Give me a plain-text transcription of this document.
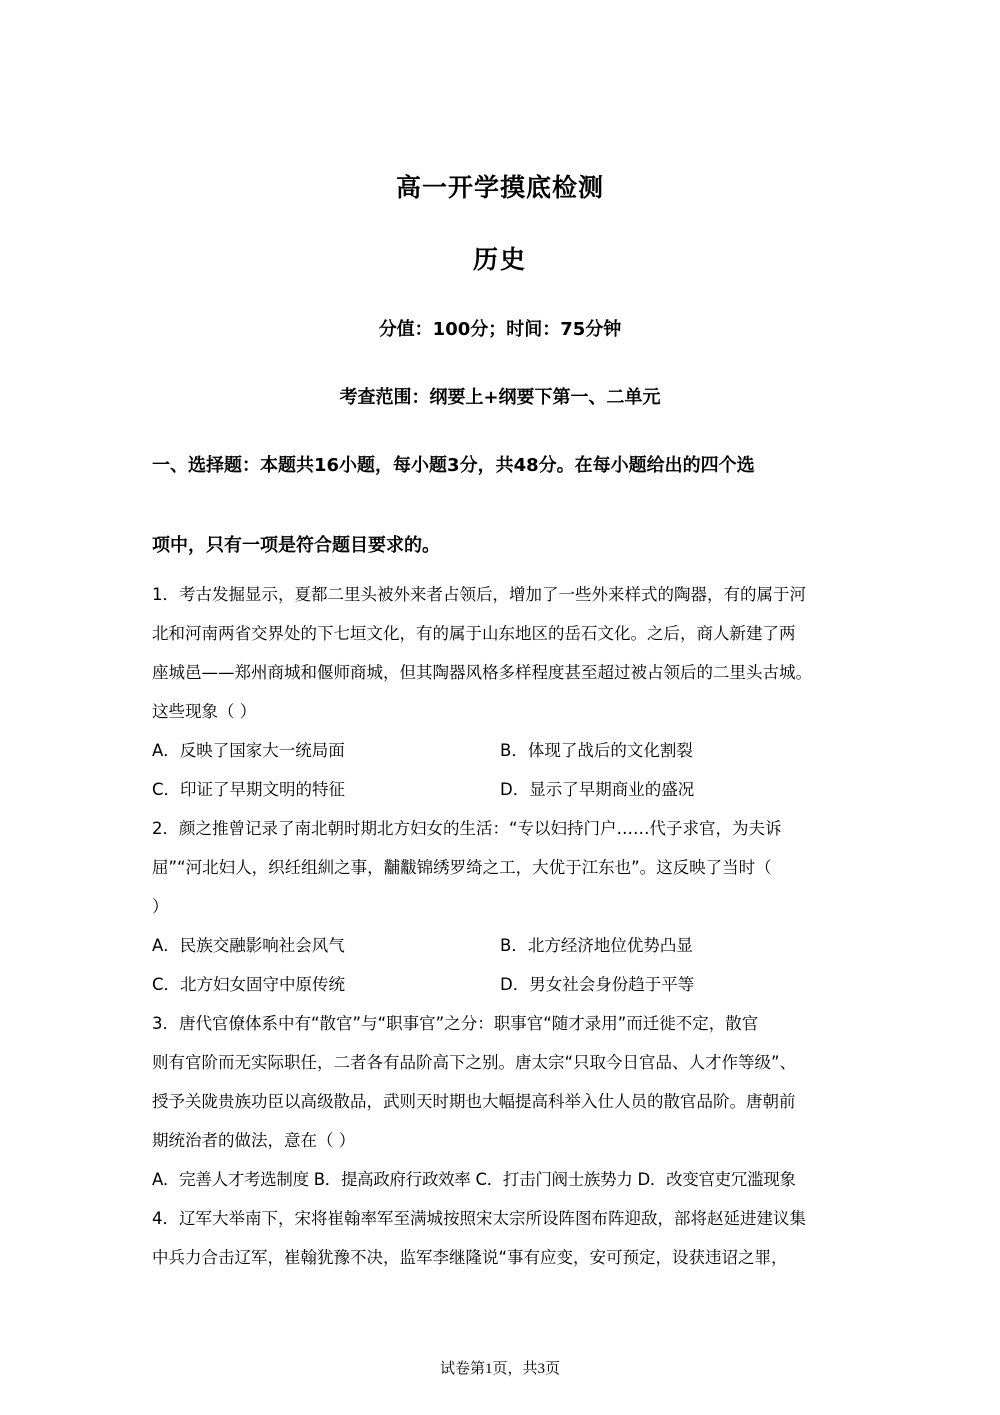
高一开学摸底检测
历史
分值：100分；时间：75分钟
考查范围：纲要上+纲要下第一、二单元
一、选择题：本题共16小题，每小题3分，共48分。在每小题给出的四个选
项中，只有一项是符合题目要求的。
1．考古发掘显示，夏都二里头被外来者占领后，增加了一些外来样式的陶器，有的属于河
北和河南两省交界处的下七垣文化，有的属于山东地区的岳石文化。之后，商人新建了两
座城邑——郑州商城和偃师商城，但其陶器风格多样程度甚至超过被占领后的二里头古城。
这些现象（ ）
A．反映了国家大一统局面	B．体现了战后的文化割裂
C．印证了早期文明的特征	D．显示了早期商业的盛况
2．颜之推曾记录了南北朝时期北方妇女的生活：“专以妇持门户……代子求官，为夫诉
屈”“河北妇人，织纴组紃之事，黼黻锦绣罗绮之工，大优于江东也”。这反映了当时（
）
A．民族交融影响社会风气	B．北方经济地位优势凸显
C．北方妇女固守中原传统	D．男女社会身份趋于平等
3．唐代官僚体系中有“散官”与“职事官”之分：职事官“随才录用”而迁徙不定，散官
则有官阶而无实际职任，二者各有品阶高下之别。唐太宗“只取今日官品、人才作等级”、
授予关陇贵族功臣以高级散品，武则天时期也大幅提高科举入仕人员的散官品阶。唐朝前
期统治者的做法，意在（ ）
A．完善人才考选制度 B．提高政府行政效率 C．打击门阀士族势力 D．改变官吏冗滥现象
4．辽军大举南下，宋将崔翰率军至满城按照宋太宗所设阵图布阵迎敌，部将赵延进建议集
中兵力合击辽军，崔翰犹豫不决，监军李继隆说“事有应变，安可预定，设获违诏之罪，
试卷第1页，共3页
